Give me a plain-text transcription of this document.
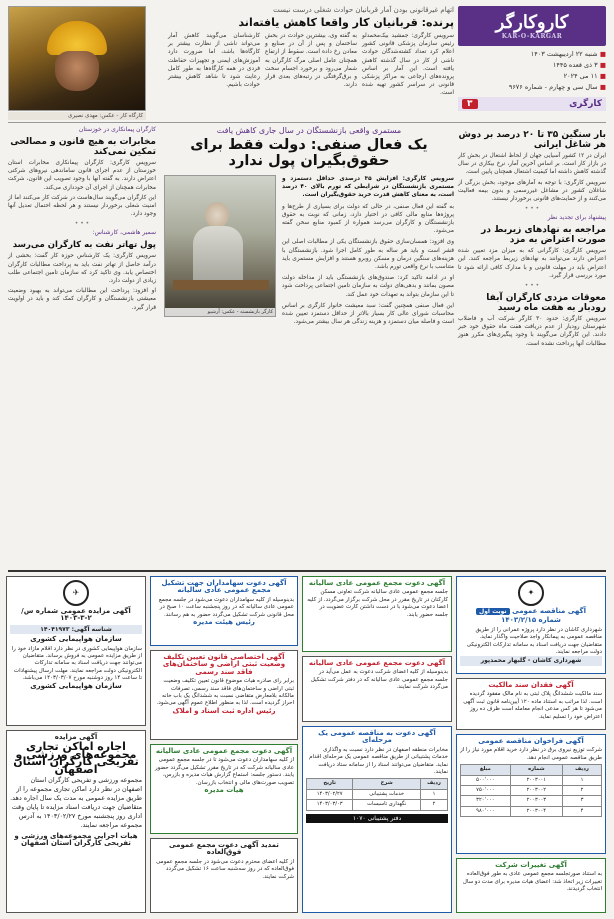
کاروکارگر
KAR-O-KARGAR
■ شنبه ۲۲ اردیبهشت ۱۴۰۳
■ ۳ ذی قعده ۱۴۴۵
■ ۱۱ می ۲۰۲۴
■ سال سی و چهارم - شماره ۹۶۷۶
کارگری
۳
اتهام غیرقانونی بودن آمار قربانیان حوادث شغلی درست نیست
پرنده: قربانیان کار واقعا کاهش یافته‌اند

سرویس کارگری: جمشید بیک‌محمدلو رئیس سازمان پزشکی قانونی کشور اعلام کرد تعداد کشته‌شدگان حوادث ناشی از کار در سال گذشته کاهش یافته است. این آمار بر اساس پرونده‌های ارجاعی به مراکز پزشکی قانونی در سراسر کشور تهیه شده است.

به گفته وی، بیشترین حوادث در بخش ساختمان و پس از آن در صنایع و معادن رخ داده است. سقوط از ارتفاع همچنان عامل اصلی مرگ کارگران به شمار می‌رود و برخورد اجسام سخت و برق‌گرفتگی در رتبه‌های بعدی قرار دارند.

کارشناسان می‌گویند کاهش آمار می‌تواند ناشی از نظارت بیشتر بر کارگاه‌ها باشد، اما ضرورت دارد آموزش‌های ایمنی و تجهیزات حفاظت فردی در همه کارگاه‌ها به طور کامل رعایت شود تا شاهد کاهش بیشتر حوادث باشیم.

کارگاه کار - عکس: مهدی نصیری
بار سنگین ۳۵ تا ۲۰ درصد بر دوش هر شاغل ایرانی

ایران در ۱۲ کشور آسیایی جهان از لحاظ اشتغال در بخش کار در بازار کار است. بر اساس آخرین آمار، نرخ بیکاری در سال گذشته کاهش داشته اما کیفیت اشتغال همچنان پایین است.

سرویس کارگری: با توجه به آمارهای موجود، بخش بزرگی از شاغلان کشور در مشاغل غیررسمی و بدون بیمه فعالیت می‌کنند و از حمایت‌های قانونی برخوردار نیستند.

• • •
پیشنهاد برای تجدید نظر
مراجعه به نهادهای زیربط در صورت اعتراض به مزد

سرویس کارگری: کارگرانی که به میزان مزد تعیین شده اعتراض دارند می‌توانند به نهادهای زیربط مراجعه کنند. این اعتراض باید در مهلت قانونی و با مدارک کافی ارائه شود تا مورد بررسی قرار گیرد.

• • •
معوقات مزدی کارگران آبفا رودبار به هفت ماه رسید

سرویس کارگری: حدود ۳۰ کارگر شرکت آب و فاضلاب شهرستان رودبار از عدم دریافت هفت ماه حقوق خود خبر دادند. این کارگران می‌گویند با وجود پیگیری‌های مکرر هنوز مطالبات آنها پرداخت نشده است.

مستمری واقعی بازنشستگان در سال جاری کاهش یافت
یک فعال صنفی: دولت فقط برای حقوق‌بگیران پول ندارد
کارگر بازنشسته - عکس: آرشیو

سرویس کارگری: افزایش ۳۵ درصدی حداقل دستمزد و مستمری بازنشستگان در شرایطی که تورم بالای ۴۰ درصد است، به معنای کاهش قدرت خرید حقوق‌بگیران است.

به گفته این فعال صنفی، در حالی که دولت برای بسیاری از طرح‌ها و پروژه‌ها منابع مالی کافی در اختیار دارد، زمانی که نوبت به حقوق بازنشستگان و کارگران می‌رسد همواره از کمبود منابع سخن گفته می‌شود.

وی افزود: همسان‌سازی حقوق بازنشستگان یکی از مطالبات اصلی این قشر است و باید هر ساله به طور کامل اجرا شود. بازنشستگان با هزینه‌های سنگین درمان و مسکن روبرو هستند و افزایش مستمری باید متناسب با نرخ واقعی تورم باشد.

او در ادامه تاکید کرد: صندوق‌های بازنشستگی باید از مداخله دولت مصون بمانند و بدهی‌های دولت به سازمان تامین اجتماعی پرداخت شود تا این سازمان بتواند به تعهدات خود عمل کند.

این فعال صنفی همچنین گفت: سبد معیشت خانوار کارگری بر اساس محاسبات شورای عالی کار بسیار بالاتر از حداقل دستمزد تعیین شده است و فاصله میان دستمزد و هزینه زندگی هر سال بیشتر می‌شود.

کارگران پیمانکاری در خوزستان
مخابرات به هیچ قانون و مصالحی تمکین نمی‌کند

سرویس کارگری: کارگران پیمانکاری مخابرات استان خوزستان از عدم اجرای قانون ساماندهی نیروهای شرکتی اعتراض دارند. به گفته آنها با وجود تصویب این قانون، شرکت مخابرات همچنان از اجرای آن خودداری می‌کند.

این کارگران می‌گویند سال‌هاست در شرکت کار می‌کنند اما از امنیت شغلی برخوردار نیستند و هر لحظه احتمال تعدیل آنها وجود دارد.

• • •
سمیر هاشمی، کارشناس:
پول تهاتر نفت به کارگران می‌رسد

سرویس کارگری: یک کارشناس حوزه کار گفت: بخشی از درآمد حاصل از تهاتر نفت باید به پرداخت مطالبات کارگران اختصاص یابد. وی تاکید کرد که سازمان تامین اجتماعی طلب زیادی از دولت دارد.

او افزود: پرداخت این مطالبات می‌تواند به بهبود وضعیت معیشتی بازنشستگان و کارگران کمک کند و باید در اولویت قرار گیرد.

✦
آگهی مناقصه عمومی نوبت اول
شماره ۱۴۰۳/۲/۱۵
شهرداری کاشان در نظر دارد پروژه عمرانی را از طریق مناقصه عمومی به پیمانکار واجد صلاحیت واگذار نماید. متقاضیان جهت دریافت اسناد به سامانه تدارکات الکترونیکی دولت مراجعه نمایند.
شهرداری کاشان - گلبهار محمدپور
آگهی فقدان سند مالکیت
سند مالکیت ششدانگ پلاک ثبتی به نام مالک مفقود گردیده است. لذا مراتب به استناد ماده ۱۲۰ آیین‌نامه قانون ثبت آگهی می‌شود تا هر کس مدعی انجام معامله است ظرف ده روز اعتراض خود را تسلیم نماید.
آگهی فراخوان مناقصه عمومی
شرکت توزیع نیروی برق در نظر دارد خرید اقلام مورد نیاز را از طریق مناقصه عمومی انجام دهد.
ردیف	شماره	مبلغ
۱	۲۰۰۳۰۰۱	۵۰۰٬۰۰۰
۲	۲۰۰۳۰۰۲	۷۵۰٬۰۰۰
۳	۲۰۰۳۰۰۳	۳۲۰٬۰۰۰
۴	۲۰۰۳۰۰۴	۹۸۰٬۰۰۰
آگهی تغییرات شرکت
به استناد صورتجلسه مجمع عمومی عادی به طور فوق‌العاده تغییرات زیر اتخاذ شد: اعضای هیات مدیره برای مدت دو سال انتخاب گردیدند.
آگهی دعوت مجمع عمومی عادی سالیانه
جلسه مجمع عمومی عادی سالیانه شرکت تعاونی مسکن کارکنان در تاریخ مقرر در محل شرکت برگزار می‌گردد. از کلیه اعضا دعوت می‌شود با در دست داشتن کارت عضویت در جلسه حضور یابند.
آگهی دعوت مجمع عمومی عادی سالیانه
بدینوسیله از کلیه اعضای شرکت دعوت به عمل می‌آید در جلسه مجمع عمومی عادی سالیانه که در دفتر شرکت تشکیل می‌گردد شرکت نمایند.
آگهی دعوت به مناقصه عمومی یک مرحله‌ای
مخابرات منطقه اصفهان در نظر دارد نسبت به واگذاری خدمات پشتیبانی از طریق مناقصه عمومی یک مرحله‌ای اقدام نماید. متقاضیان می‌توانند اسناد را از سامانه ستاد دریافت نمایند.
ردیف	شرح	تاریخ
۱	خدمات پشتیبانی	۱۴۰۳/۰۲/۲۷
۲	نگهداری تاسیسات	۱۴۰۳/۰۳/۰۳
دفتر پشتیبانی ۱۰۷۰
آگهی دعوت سهامداران جهت تشکیل مجمع عمومی عادی سالیانه
بدینوسیله از کلیه سهامداران دعوت می‌شود در جلسه مجمع عمومی عادی سالیانه که در روز پنجشنبه ساعت ۱۰ صبح در محل قانونی شرکت تشکیل می‌گردد حضور به هم رسانند.
رئیس هیئت مدیره
آگهی اختصاصی قانون تعیین تکلیف وضعیت ثبتی اراضی و ساختمان‌های فاقد سند رسمی
برابر رای صادره هیات موضوع قانون تعیین تکلیف وضعیت ثبتی اراضی و ساختمان‌های فاقد سند رسمی، تصرفات مالکانه بلامعارض متقاضی نسبت به ششدانگ یک باب خانه احراز گردیده است. لذا به منظور اطلاع عموم آگهی می‌شود.
رئیس اداره ثبت اسناد و املاک
آگهی دعوت مجمع عمومی عادی سالیانه
از کلیه سهامداران دعوت می‌شود تا در جلسه مجمع عمومی عادی سالیانه شرکت که در تاریخ مقرر تشکیل می‌گردد حضور یابند. دستور جلسه: استماع گزارش هیات مدیره و بازرس، تصویب صورت‌های مالی و انتخاب بازرسان.
هیات مدیره
تمدید آگهی دعوت مجمع عمومی فوق‌العاده
از کلیه اعضای محترم دعوت می‌شود در جلسه مجمع عمومی فوق‌العاده که در روز سه‌شنبه ساعت ۱۶ تشکیل می‌گردد شرکت نمایند.
✈
آگهی مزایده عمومی شماره س/۲-۳-۱۴۰۳
شناسه آگهی: ۱۴۰۴۱۹۷۳
سازمان هواپیمایی کشوری
سازمان هواپیمایی کشوری در نظر دارد اقلام مازاد خود را از طریق مزایده عمومی به فروش برساند. متقاضیان می‌توانند جهت دریافت اسناد به سامانه تدارکات الکترونیکی دولت مراجعه نمایند. مهلت ارسال پیشنهادات تا ساعت ۱۴ روز دوشنبه مورخ ۱۴۰۳/۰۳/۰۷ می‌باشد.
سازمان هواپیمایی کشوری
آگهی مزایده
اجاره اماکن تجاری مجموعه‌های ورزشی و تفریحی کارگران استان اصفهان
مجموعه ورزشی و تفریحی کارگران استان اصفهان در نظر دارد اماکن تجاری مجموعه را از طریق مزایده عمومی به مدت یک سال اجاره دهد. متقاضیان جهت دریافت اسناد مزایده تا پایان وقت اداری روز پنجشنبه مورخ ۱۴۰۳/۰۲/۲۷ به آدرس مجموعه مراجعه نمایند.
هیات اجرایی مجموعه‌های ورزشی و تفریحی کارگران استان اصفهان
